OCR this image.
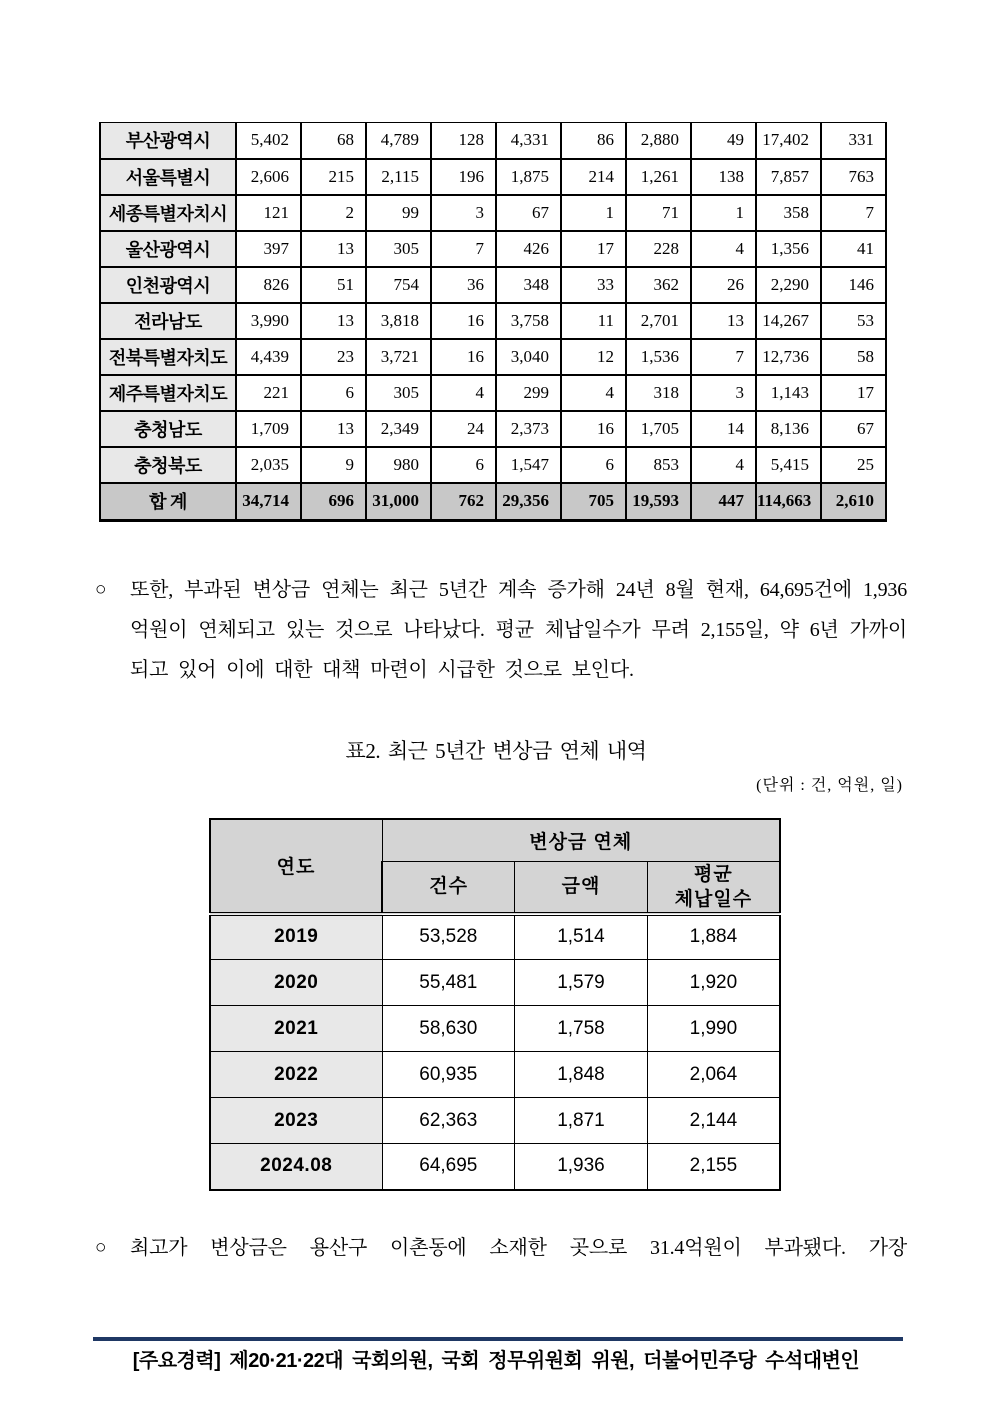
부산광역시	5,402	68	4,789	128	4,331	86	2,880	49	17,402	331
서울특별시	2,606	215	2,115	196	1,875	214	1,261	138	7,857	763
세종특별자치시	121	2	99	3	67	1	71	1	358	7
울산광역시	397	13	305	7	426	17	228	4	1,356	41
인천광역시	826	51	754	36	348	33	362	26	2,290	146
전라남도	3,990	13	3,818	16	3,758	11	2,701	13	14,267	53
전북특별자치도	4,439	23	3,721	16	3,040	12	1,536	7	12,736	58
제주특별자치도	221	6	305	4	299	4	318	3	1,143	17
충청남도	1,709	13	2,349	24	2,373	16	1,705	14	8,136	67
충청북도	2,035	9	980	6	1,547	6	853	4	5,415	25
합 계	34,714	696	31,000	762	29,356	705	19,593	447	114,663	2,610
○	또한, 부과된 변상금 연체는 최근 5년간 계속 증가해 24년 8월 현재, 64,695건에 1,936억원이 연체되고 있는 것으로 나타났다. 평균 체납일수가 무려 2,155일, 약 6년 가까이 되고 있어 이에 대한 대책 마련이 시급한 것으로 보인다.
표2. 최근 5년간 변상금 연체 내역
(단위 : 건, 억원, 일)
연도	변상금 연체		
	건수	금액	평균
체납일수
2019	53,528	1,514	1,884
2020	55,481	1,579	1,920
2021	58,630	1,758	1,990
2022	60,935	1,848	2,064
2023	62,363	1,871	2,144
2024.08	64,695	1,936	2,155
○	최고가 변상금은 용산구 이촌동에 소재한 곳으로 31.4억원이 부과됐다. 가장
[주요경력] 제20·21·22대 국회의원, 국회 정무위원회 위원, 더불어민주당 수석대변인
